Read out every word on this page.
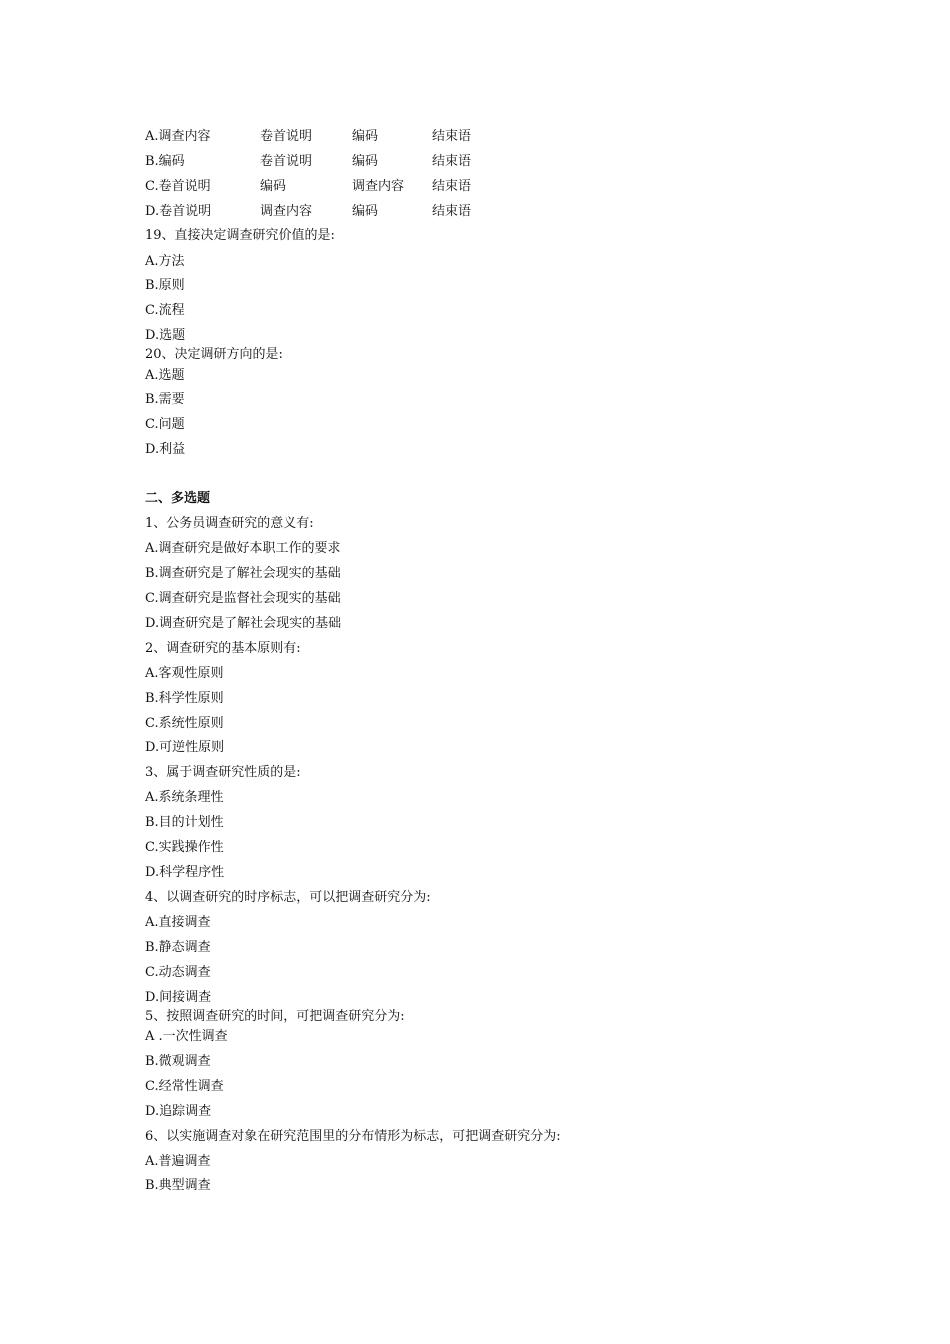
A.调查内容	卷首说明	编码	结束语
B.编码	卷首说明	编码	结束语
C.卷首说明	编码	调查内容 结束语
D.卷首说明	调查内容	编码	结束语
19、直接决定调查研究价值的是:
A.方法
B.原则
C.流程
D.选题
20、决定调研方向的是:
A.选题
B.需要
C.问题
D.利益
二、多选题
1、公务员调查研究的意义有:
A.调查研究是做好本职工作的要求
B.调查研究是了解社会现实的基础
C.调查研究是监督社会现实的基础
D.调查研究是了解社会现实的基础
2、调查研究的基本原则有:
A.客观性原则
B.科学性原则
C.系统性原则
D.可逆性原则
3、属于调查研究性质的是:
A.系统条理性
B.目的计划性
C.实践操作性
D.科学程序性
4、以调查研究的时序标志，可以把调查研究分为:
A.直接调查
B.静态调查
C.动态调查
D.间接调查
5、按照调查研究的时间，可把调查研究分为:
A .一次性调查
B.微观调查
C.经常性调查
D.追踪调查
6、以实施调查对象在研究范围里的分布情形为标志，可把调查研究分为:
A.普遍调查
B.典型调查
